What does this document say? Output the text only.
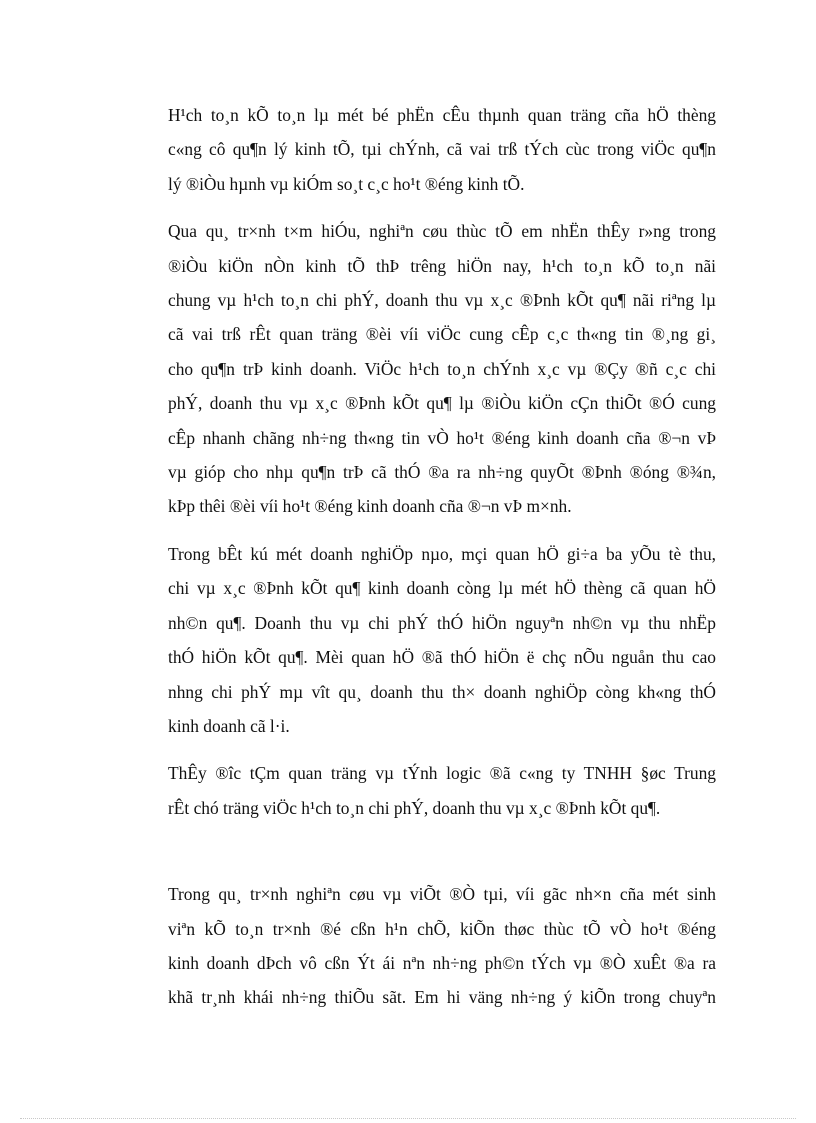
H¹ch to¸n kÕ to¸n lµ mét bé phËn cÊu thµnh quan träng cña hÖ thèng
c«ng cô qu¶n lý kinh tÕ, tµi chÝnh, cã vai trß tÝch cùc trong viÖc qu¶n
lý ®iÒu hµnh vµ kiÓm so¸t c¸c ho¹t ®éng kinh tÕ.

Qua qu¸ tr×nh t×m hiÓu, nghiªn cøu thùc tÕ em nhËn thÊy r»ng trong
®iÒu kiÖn nÒn kinh tÕ thÞ trêng hiÖn nay, h¹ch to¸n kÕ to¸n nãi
chung vµ h¹ch to¸n chi phÝ, doanh thu vµ x¸c ®Þnh kÕt qu¶ nãi riªng lµ
cã vai trß rÊt quan träng ®èi víi viÖc cung cÊp c¸c th«ng tin ®¸ng gi¸
cho qu¶n trÞ kinh doanh. ViÖc h¹ch to¸n chÝnh x¸c vµ ®Çy ®ñ c¸c chi
phÝ, doanh thu vµ x¸c ®Þnh kÕt qu¶ lµ ®iÒu kiÖn cÇn thiÕt ®Ó cung
cÊp nhanh chãng nh÷ng th«ng tin vÒ ho¹t ®éng kinh doanh cña ®¬n vÞ
vµ gióp cho nhµ qu¶n trÞ cã thÓ ®a ra nh÷ng quyÕt ®Þnh ®óng ®¾n,
kÞp thêi ®èi víi ho¹t ®éng kinh doanh cña ®¬n vÞ m×nh.

Trong bÊt kú mét doanh nghiÖp nµo, mçi quan hÖ gi÷a ba yÕu tè thu,
chi vµ x¸c ®Þnh kÕt qu¶ kinh doanh còng lµ mét hÖ thèng cã quan hÖ
nh©n qu¶. Doanh thu vµ chi phÝ thÓ hiÖn nguyªn nh©n vµ thu nhËp
thÓ hiÖn kÕt qu¶. Mèi quan hÖ ®ã thÓ hiÖn ë chç nÕu nguån thu cao
nhng chi phÝ mµ vît qu¸ doanh thu th× doanh nghiÖp còng kh«ng thÓ
kinh doanh cã l·i.

ThÊy ®îc tÇm quan träng vµ tÝnh logic ®ã c«ng ty TNHH §øc Trung
rÊt chó träng viÖc h¹ch to¸n chi phÝ, doanh thu vµ x¸c ®Þnh kÕt qu¶.

Trong qu¸ tr×nh nghiªn cøu vµ viÕt ®Ò tµi, víi gãc nh×n cña mét sinh
viªn kÕ to¸n tr×nh ®é cßn h¹n chÕ, kiÕn thøc thùc tÕ vÒ ho¹t ®éng
kinh doanh dÞch vô cßn Ýt ái nªn nh÷ng ph©n tÝch vµ ®Ò xuÊt ®a ra
khã tr¸nh khái nh÷ng thiÕu sãt. Em hi väng nh÷ng ý kiÕn trong chuyªn
